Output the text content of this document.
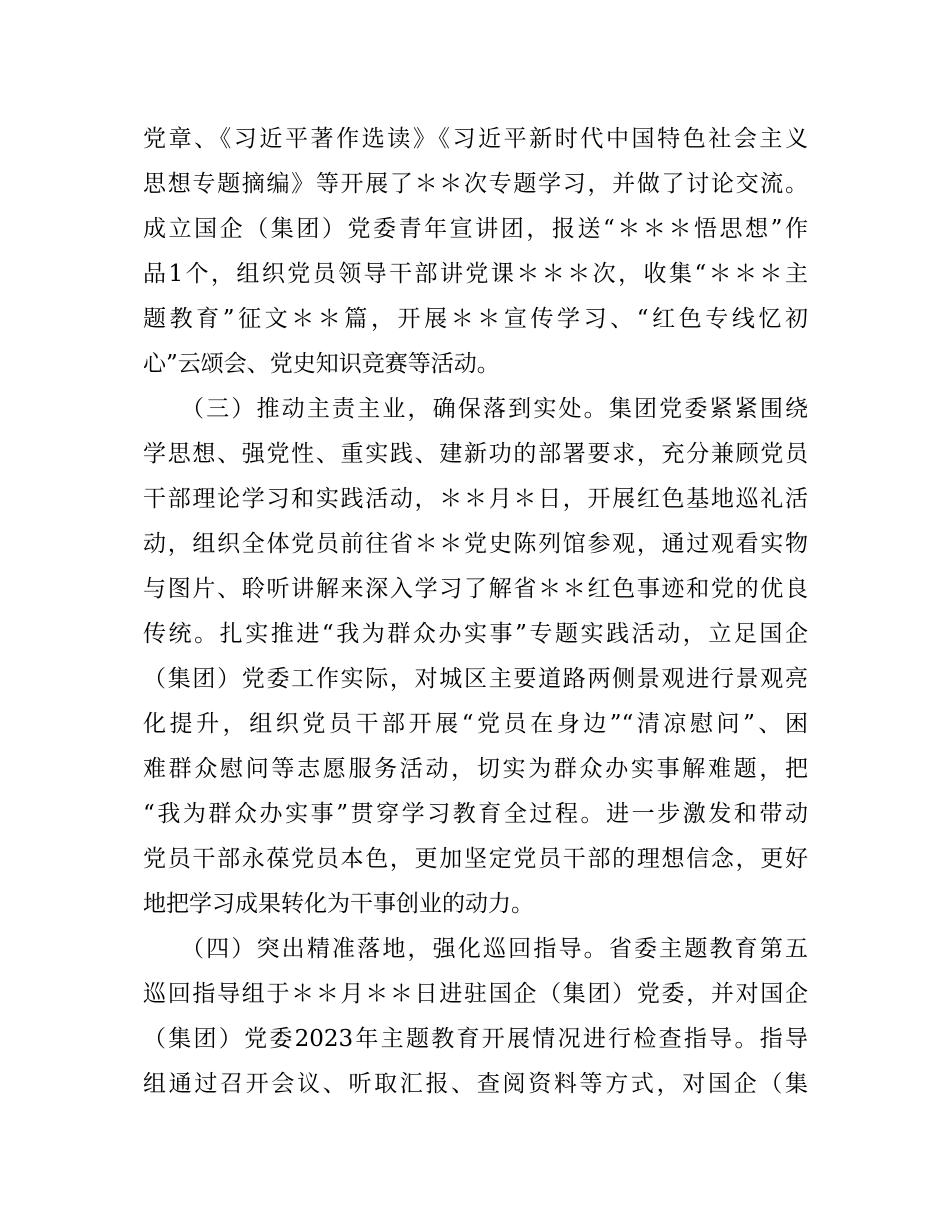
党章、《习近平著作选读》《习近平新时代中国特色社会主义
思想专题摘编》等开展了＊＊次专题学习，并做了讨论交流。
成立国企（集团）党委青年宣讲团，报送“＊＊＊悟思想”作
品1个，组织党员领导干部讲党课＊＊＊次，收集“＊＊＊主
题教育”征文＊＊篇，开展＊＊宣传学习、“红色专线忆初
心”云颂会、党史知识竞赛等活动。
（三）推动主责主业，确保落到实处。集团党委紧紧围绕
学思想、强党性、重实践、建新功的部署要求，充分兼顾党员
干部理论学习和实践活动，＊＊月＊日，开展红色基地巡礼活
动，组织全体党员前往省＊＊党史陈列馆参观，通过观看实物
与图片、聆听讲解来深入学习了解省＊＊红色事迹和党的优良
传统。扎实推进“我为群众办实事”专题实践活动，立足国企
（集团）党委工作实际，对城区主要道路两侧景观进行景观亮
化提升，组织党员干部开展“党员在身边”“清凉慰问”、困
难群众慰问等志愿服务活动，切实为群众办实事解难题，把
“我为群众办实事”贯穿学习教育全过程。进一步激发和带动
党员干部永葆党员本色，更加坚定党员干部的理想信念，更好
地把学习成果转化为干事创业的动力。
（四）突出精准落地，强化巡回指导。省委主题教育第五
巡回指导组于＊＊月＊＊日进驻国企（集团）党委，并对国企
（集团）党委2023年主题教育开展情况进行检查指导。指导
组通过召开会议、听取汇报、查阅资料等方式，对国企（集
